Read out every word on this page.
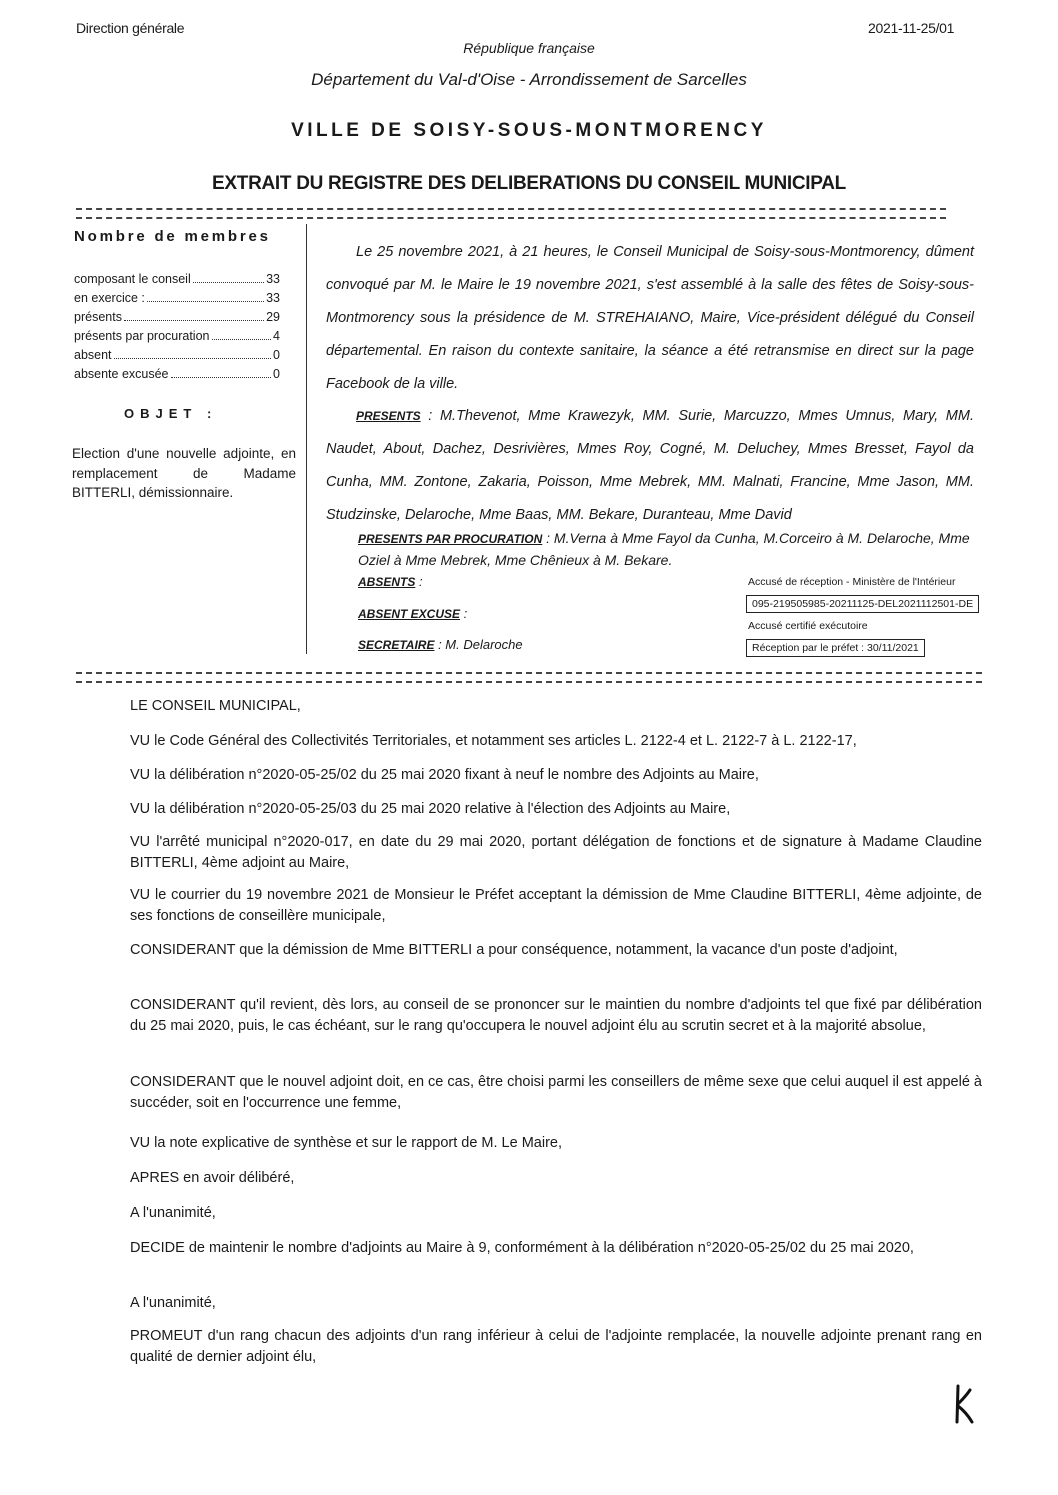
Direction générale	2021-11-25/01
République française
Département du Val-d'Oise - Arrondissement de Sarcelles
VILLE DE SOISY-SOUS-MONTMORENCY
EXTRAIT DU REGISTRE DES DELIBERATIONS DU CONSEIL MUNICIPAL
Nombre de membres
composant le conseil	33
en exercice :	33
présents	29
présents par procuration	4
absent	0
absente excusée	0
OBJET :
Election d'une nouvelle adjointe, en remplacement de Madame BITTERLI, démissionnaire.

Le 25 novembre 2021, à 21 heures, le Conseil Municipal de Soisy-sous-Montmorency, dûment convoqué par M. le Maire le 19 novembre 2021, s'est assemblé à la salle des fêtes de Soisy-sous-Montmorency sous la présidence de M. STREHAIANO, Maire, Vice-président délégué du Conseil départemental. En raison du contexte sanitaire, la séance a été retransmise en direct sur la page Facebook de la ville.

PRESENTS : M.Thevenot, Mme Krawezyk, MM. Surie, Marcuzzo, Mmes Umnus, Mary, MM. Naudet, About, Dachez, Desrivières, Mmes Roy, Cogné, M. Deluchey, Mmes Bresset, Fayol da Cunha, MM. Zontone, Zakaria, Poisson, Mme Mebrek, MM. Malnati, Francine, Mme Jason, MM. Studzinske, Delaroche, Mme Baas, MM. Bekare, Duranteau, Mme David

PRESENTS PAR PROCURATION : M.Verna à Mme Fayol da Cunha, M.Corceiro à M. Delaroche, Mme Oziel à Mme Mebrek, Mme Chênieux à M. Bekare.
ABSENTS :
ABSENT EXCUSE :
SECRETAIRE : M. Delaroche
Accusé de réception - Ministère de l'Intérieur
095-219505985-20211125-DEL2021112501-DE
Accusé certifié exécutoire
Réception par le préfet : 30/11/2021

LE CONSEIL MUNICIPAL,

VU le Code Général des Collectivités Territoriales, et notamment ses articles L. 2122-4 et L. 2122-7 à L. 2122-17,

VU la délibération n°2020-05-25/02 du 25 mai 2020 fixant à neuf le nombre des Adjoints au Maire,

VU la délibération n°2020-05-25/03 du 25 mai 2020 relative à l'élection des Adjoints au Maire,

VU l'arrêté municipal n°2020-017, en date du 29 mai 2020, portant délégation de fonctions et de signature à Madame Claudine BITTERLI, 4ème adjoint au Maire,

VU le courrier du 19 novembre 2021 de Monsieur le Préfet acceptant la démission de Mme Claudine BITTERLI, 4ème adjointe, de ses fonctions de conseillère municipale,

CONSIDERANT que la démission de Mme BITTERLI a pour conséquence, notamment, la vacance d'un poste d'adjoint,

CONSIDERANT qu'il revient, dès lors, au conseil de se prononcer sur le maintien du nombre d'adjoints tel que fixé par délibération du 25 mai 2020, puis, le cas échéant, sur le rang qu'occupera le nouvel adjoint élu au scrutin secret et à la majorité absolue,

CONSIDERANT que le nouvel adjoint doit, en ce cas, être choisi parmi les conseillers de même sexe que celui auquel il est appelé à succéder, soit en l'occurrence une femme,

VU la note explicative de synthèse et sur le rapport de M. Le Maire,

APRES en avoir délibéré,

A l'unanimité,

DECIDE de maintenir le nombre d'adjoints au Maire à 9, conformément à la délibération n°2020-05-25/02 du 25 mai 2020,

A l'unanimité,

PROMEUT d'un rang chacun des adjoints d'un rang inférieur à celui de l'adjointe remplacée, la nouvelle adjointe prenant rang en qualité de dernier adjoint élu,
